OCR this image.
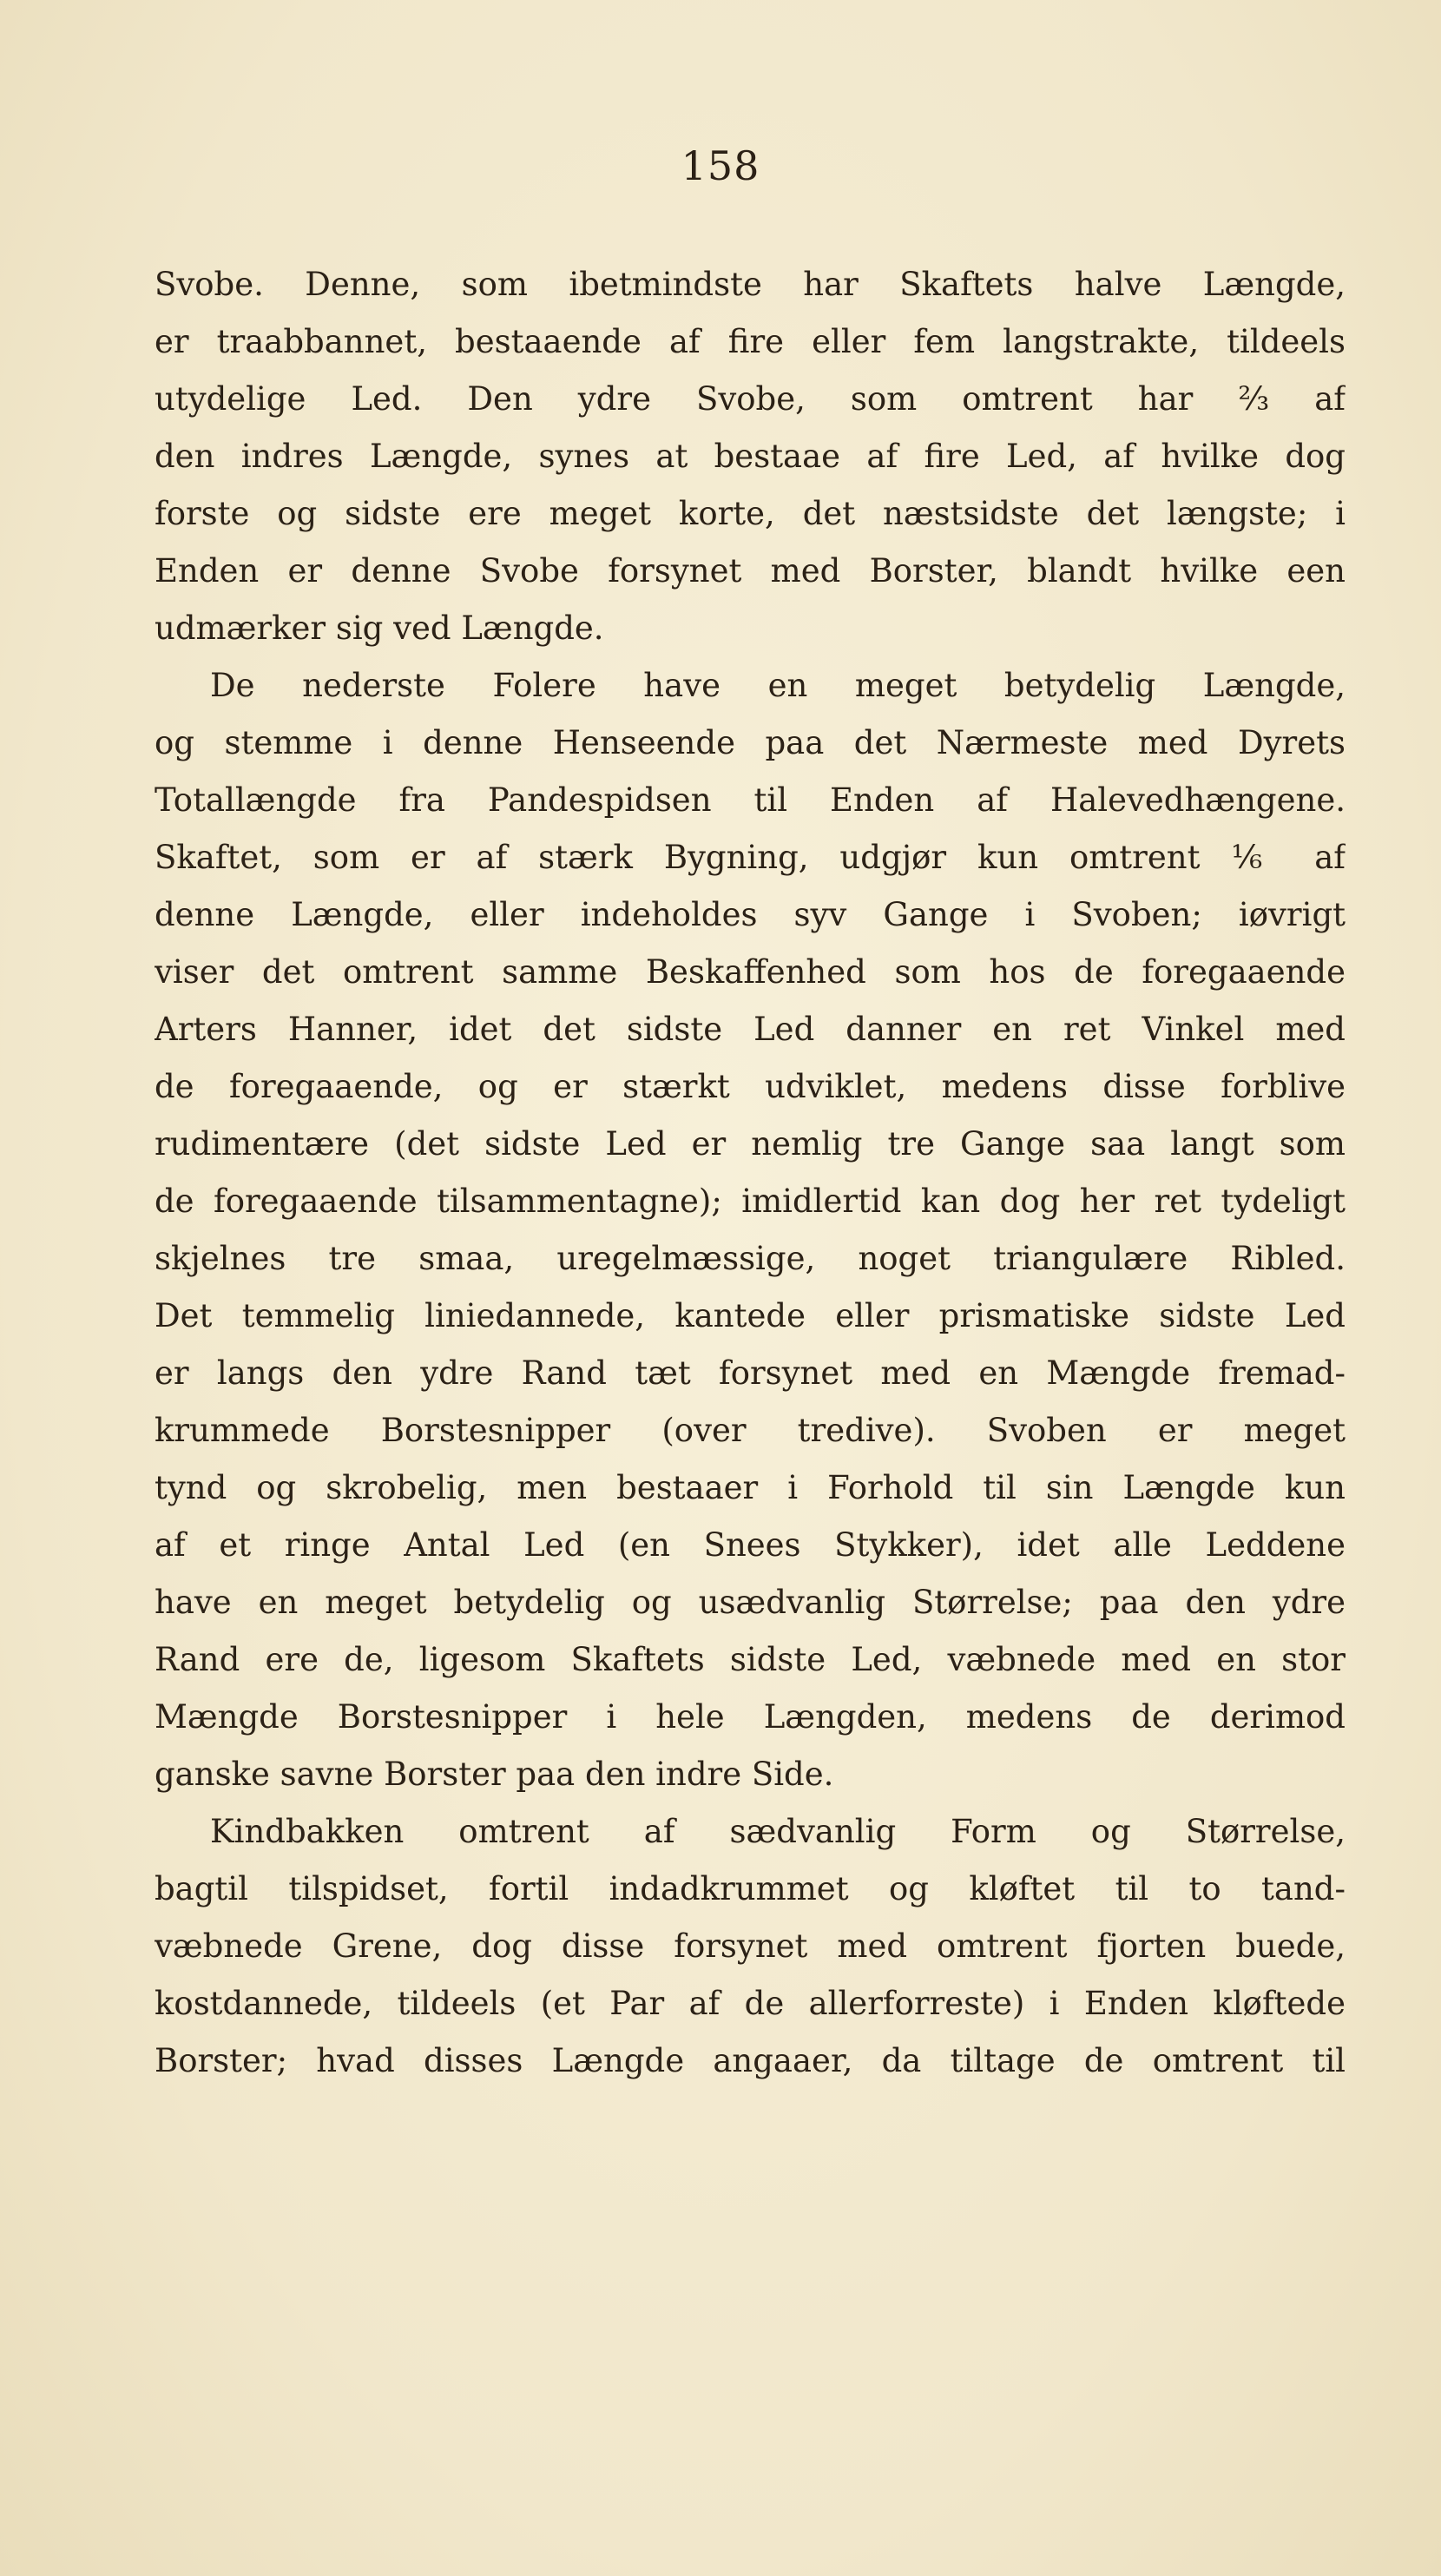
158
Svobe. Denne, som ibetmindste har Skaftets halve Længde,
er traabbannet, bestaaende af fire eller fem langstrakte, tildeels
utydelige Led. Den ydre Svobe, som omtrent har ⅔ af
den indres Længde, synes at bestaae af fire Led, af hvilke dog
forste og sidste ere meget korte, det næstsidste det længste; i
Enden er denne Svobe forsynet med Borster, blandt hvilke een
udmærker sig ved Længde.
De nederste Folere have en meget betydelig Længde,
og stemme i denne Henseende paa det Nærmeste med Dyrets
Totallængde fra Pandespidsen til Enden af Halevedhængene.
Skaftet, som er af stærk Bygning, udgjør kun omtrent ⅙ af
denne Længde, eller indeholdes syv Gange i Svoben; iøvrigt
viser det omtrent samme Beskaffenhed som hos de foregaaende
Arters Hanner, idet det sidste Led danner en ret Vinkel med
de foregaaende, og er stærkt udviklet, medens disse forblive
rudimentære (det sidste Led er nemlig tre Gange saa langt som
de foregaaende tilsammentagne); imidlertid kan dog her ret tydeligt
skjelnes tre smaa, uregelmæssige, noget triangulære Ribled.
Det temmelig liniedannede, kantede eller prismatiske sidste Led
er langs den ydre Rand tæt forsynet med en Mængde fremad-
krummede Borstesnipper (over tredive). Svoben er meget
tynd og skrobelig, men bestaaer i Forhold til sin Længde kun
af et ringe Antal Led (en Snees Stykker), idet alle Leddene
have en meget betydelig og usædvanlig Størrelse; paa den ydre
Rand ere de, ligesom Skaftets sidste Led, væbnede med en stor
Mængde Borstesnipper i hele Længden, medens de derimod
ganske savne Borster paa den indre Side.
Kindbakken omtrent af sædvanlig Form og Størrelse,
bagtil tilspidset, fortil indadkrummet og kløftet til to tand-
væbnede Grene, dog disse forsynet med omtrent fjorten buede,
kostdannede, tildeels (et Par af de allerforreste) i Enden kløftede
Borster; hvad disses Længde angaaer, da tiltage de omtrent til
